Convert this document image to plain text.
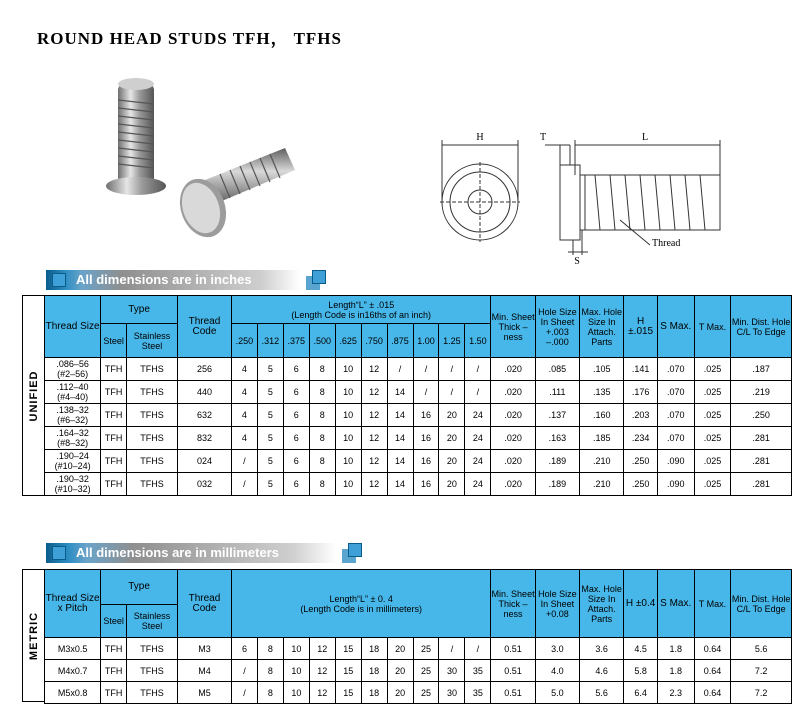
ROUND HEAD STUDS TFH， TFHS
H	T	L
S
Thread
All dimensions are in inches
UNIFIED
Thread Size	Type		Thread Code	Length“L” ± .015
(Length Code is in16ths of an inch)										Min. Sheet Thick –ness	Hole Size In Sheet +.003 –.000	Max. Hole Size In Attach. Parts	H ±.015	S Max.	T Max.	Min. Dist. Hole C/L To Edge
	Steel	Stainless Steel		.250	.312	.375	.500	.625	.750	.875	1.00	1.25	1.50							

.086–56
(#2–56)	TFH	TFHS	256	4	5	6	8	10	12	/	/	/	/	.020	.085	.105	.141	.070	.025	.187

.112–40
(#4–40)	TFH	TFHS	440	4	5	6	8	10	12	14	/	/	/	.020	.111	.135	.176	.070	.025	.219

.138–32
(#6–32)	TFH	TFHS	632	4	5	6	8	10	12	14	16	20	24	.020	.137	.160	.203	.070	.025	.250

.164–32
(#8–32)	TFH	TFHS	832	4	5	6	8	10	12	14	16	20	24	.020	.163	.185	.234	.070	.025	.281

.190–24
(#10–24)	TFH	TFHS	024	/	5	6	8	10	12	14	16	20	24	.020	.189	.210	.250	.090	.025	.281

.190–32
(#10–32)	TFH	TFHS	032	/	5	6	8	10	12	14	16	20	24	.020	.189	.210	.250	.090	.025	.281
All dimensions are in millimeters
METRIC
Thread Size x Pitch	Type		Thread Code	Length“L” ± 0. 4
(Length Code is in millimeters)										Min. Sheet Thick –ness	Hole Size In Sheet +0.08	Max. Hole Size In Attach. Parts	H ±0.4	S Max.	T Max.	Min. Dist. Hole C/L To Edge
	Steel	Stainless Steel																		
M3x0.5	TFH	TFHS	M3	6	8	10	12	15	18	20	25	/	/	0.51	3.0	3.6	4.5	1.8	0.64	5.6
M4x0.7	TFH	TFHS	M4	/	8	10	12	15	18	20	25	30	35	0.51	4.0	4.6	5.8	1.8	0.64	7.2
M5x0.8	TFH	TFHS	M5	/	8	10	12	15	18	20	25	30	35	0.51	5.0	5.6	6.4	2.3	0.64	7.2
